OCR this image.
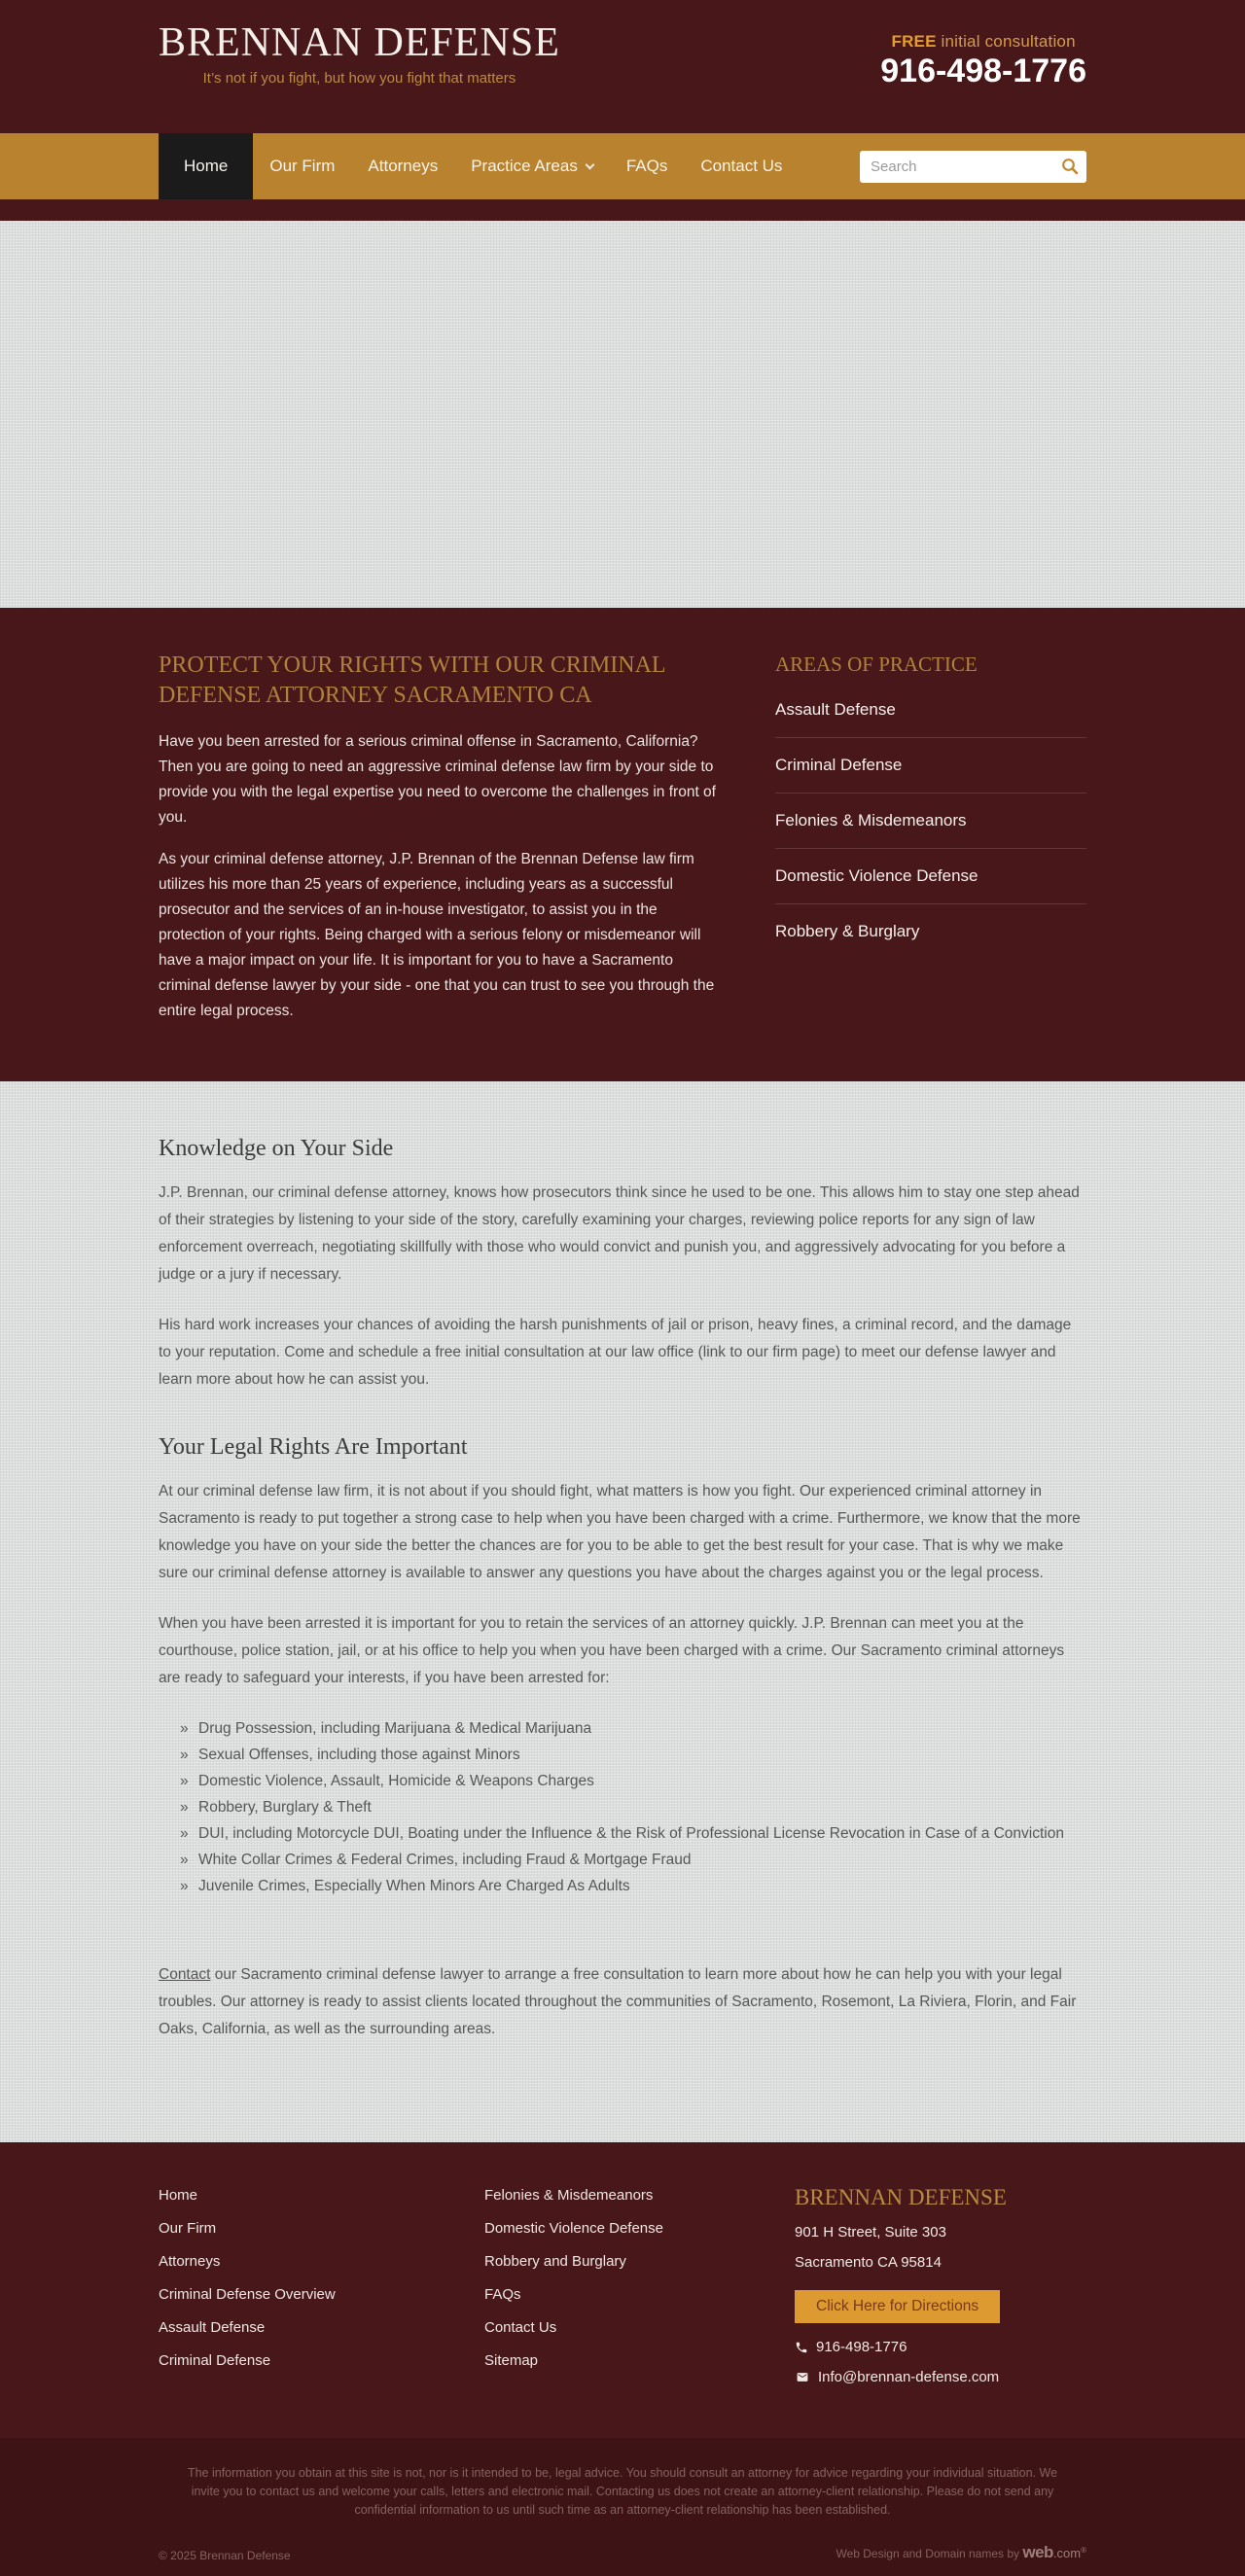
BRENNAN DEFENSE
It’s not if you fight, but how you fight that matters
FREE initial consultation
916-498-1776
Home	Our Firm	Attorneys	Practice Areas	FAQs	Contact Us
Search
PROTECT YOUR RIGHTS WITH OUR CRIMINAL DEFENSE ATTORNEY SACRAMENTO CA

Have you been arrested for a serious criminal offense in Sacramento, California? Then you are going to need an aggressive criminal defense law firm by your side to provide you with the legal expertise you need to overcome the challenges in front of you.

As your criminal defense attorney, J.P. Brennan of the Brennan Defense law firm utilizes his more than 25 years of experience, including years as a successful prosecutor and the services of an in-house investigator, to assist you in the protection of your rights. Being charged with a serious felony or misdemeanor will have a major impact on your life. It is important for you to have a Sacramento criminal defense lawyer by your side - one that you can trust to see you through the entire legal process.

AREAS OF PRACTICE
Assault Defense
Criminal Defense
Felonies & Misdemeanors
Domestic Violence Defense
Robbery & Burglary
Knowledge on Your Side

J.P. Brennan, our criminal defense attorney, knows how prosecutors think since he used to be one. This allows him to stay one step ahead of their strategies by listening to your side of the story, carefully examining your charges, reviewing police reports for any sign of law enforcement overreach, negotiating skillfully with those who would convict and punish you, and aggressively advocating for you before a judge or a jury if necessary.

His hard work increases your chances of avoiding the harsh punishments of jail or prison, heavy fines, a criminal record, and the damage to your reputation. Come and schedule a free initial consultation at our law office (link to our firm page) to meet our defense lawyer and learn more about how he can assist you.

Your Legal Rights Are Important

At our criminal defense law firm, it is not about if you should fight, what matters is how you fight. Our experienced criminal attorney in Sacramento is ready to put together a strong case to help when you have been charged with a crime. Furthermore, we know that the more knowledge you have on your side the better the chances are for you to be able to get the best result for your case. That is why we make sure our criminal defense attorney is available to answer any questions you have about the charges against you or the legal process.

When you have been arrested it is important for you to retain the services of an attorney quickly. J.P. Brennan can meet you at the courthouse, police station, jail, or at his office to help you when you have been charged with a crime. Our Sacramento criminal attorneys are ready to safeguard your interests, if you have been arrested for:

» Drug Possession, including Marijuana & Medical Marijuana
» Sexual Offenses, including those against Minors
» Domestic Violence, Assault, Homicide & Weapons Charges
» Robbery, Burglary & Theft
» DUI, including Motorcycle DUI, Boating under the Influence & the Risk of Professional License Revocation in Case of a Conviction
» White Collar Crimes & Federal Crimes, including Fraud & Mortgage Fraud
» Juvenile Crimes, Especially When Minors Are Charged As Adults

Contact our Sacramento criminal defense lawyer to arrange a free consultation to learn more about how he can help you with your legal troubles. Our attorney is ready to assist clients located throughout the communities of Sacramento, Rosemont, La Riviera, Florin, and Fair Oaks, California, as well as the surrounding areas.

Home
Our Firm
Attorneys
Criminal Defense Overview
Assault Defense
Criminal Defense
Felonies & Misdemeanors
Domestic Violence Defense
Robbery and Burglary
FAQs
Contact Us
Sitemap
BRENNAN DEFENSE
901 H Street, Suite 303
Sacramento CA 95814
Click Here for Directions
916-498-1776
Info@brennan-defense.com
The information you obtain at this site is not, nor is it intended to be, legal advice. You should consult an attorney for advice regarding your individual situation. We invite you to contact us and welcome your calls, letters and electronic mail. Contacting us does not create an attorney-client relationship. Please do not send any confidential information to us until such time as an attorney-client relationship has been established.
© 2025 Brennan Defense	Web Design and Domain names by web.com®
